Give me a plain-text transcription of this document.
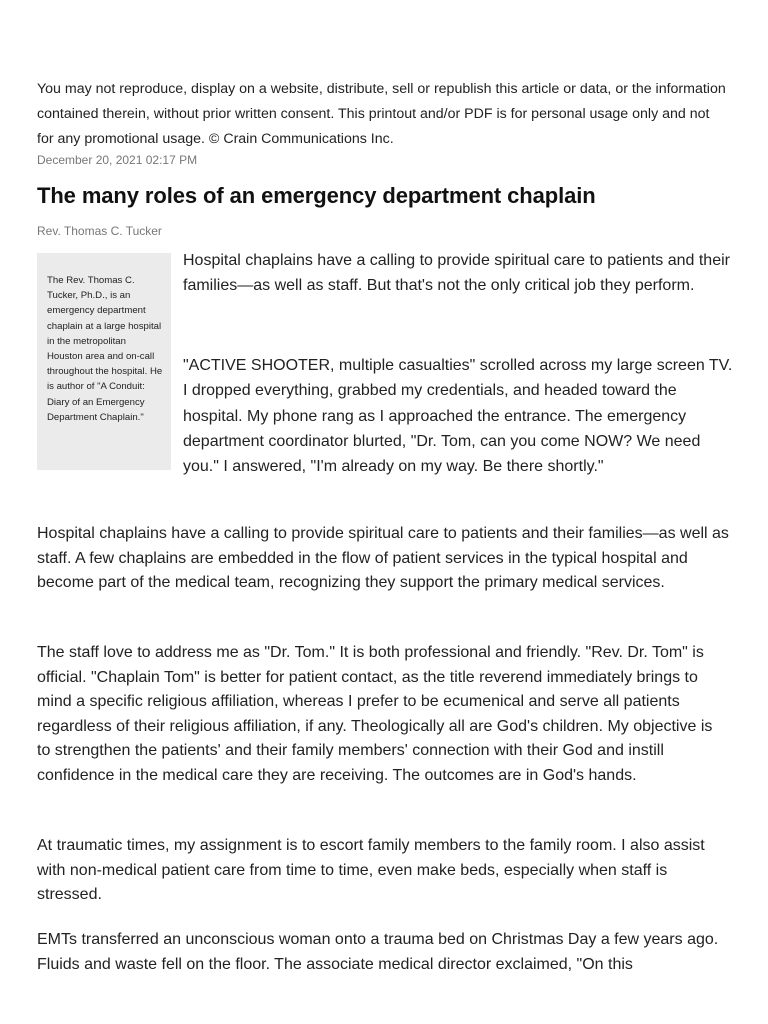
You may not reproduce, display on a website, distribute, sell or republish this article or data, or the information contained therein, without prior written consent. This printout and/or PDF is for personal usage only and not for any promotional usage. © Crain Communications Inc.
December 20, 2021 02:17 PM
The many roles of an emergency department chaplain
Rev. Thomas C. Tucker
The Rev. Thomas C. Tucker, Ph.D., is an emergency department chaplain at a large hospital in the metropolitan Houston area and on-call throughout the hospital. He is author of "A Conduit: Diary of an Emergency Department Chaplain."

Hospital chaplains have a calling to provide spiritual care to patients and their families—as well as staff. But that's not the only critical job they perform.

"ACTIVE SHOOTER, multiple casualties" scrolled across my large screen TV. I dropped everything, grabbed my credentials, and headed toward the hospital. My phone rang as I approached the entrance. The emergency department coordinator blurted, "Dr. Tom, can you come NOW? We need you." I answered, "I'm already on my way. Be there shortly."

Hospital chaplains have a calling to provide spiritual care to patients and their families—as well as staff. A few chaplains are embedded in the flow of patient services in the typical hospital and become part of the medical team, recognizing they support the primary medical services.

The staff love to address me as "Dr. Tom." It is both professional and friendly. "Rev. Dr. Tom" is official. "Chaplain Tom" is better for patient contact, as the title reverend immediately brings to mind a specific religious affiliation, whereas I prefer to be ecumenical and serve all patients regardless of their religious affiliation, if any. Theologically all are God's children. My objective is to strengthen the patients' and their family members' connection with their God and instill confidence in the medical care they are receiving. The outcomes are in God's hands.

At traumatic times, my assignment is to escort family members to the family room. I also assist with non-medical patient care from time to time, even make beds, especially when staff is stressed.

EMTs transferred an unconscious woman onto a trauma bed on Christmas Day a few years ago. Fluids and waste fell on the floor. The associate medical director exclaimed, "On this
